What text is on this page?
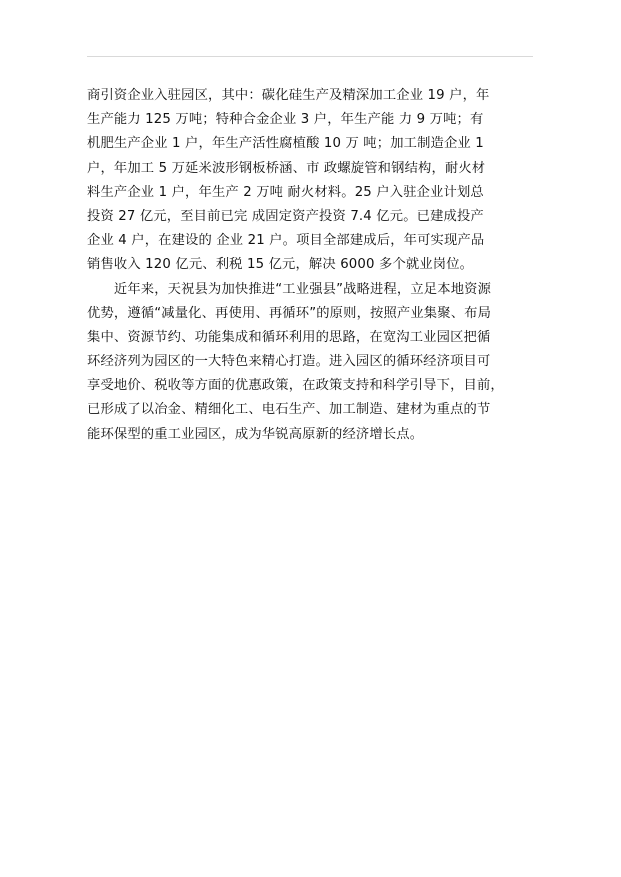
商引资企业入驻园区，其中：碳化硅生产及精深加工企业 19 户，年
生产能力 125 万吨；特种合金企业 3 户，年生产能 力 9 万吨；有
机肥生产企业 1 户，年生产活性腐植酸 10 万 吨；加工制造企业 1
户，年加工 5 万延米波形钢板桥涵、市 政螺旋管和钢结构，耐火材
料生产企业 1 户，年生产 2 万吨 耐火材料。25 户入驻企业计划总
投资 27 亿元，至目前已完 成固定资产投资 7.4 亿元。已建成投产
企业 4 户，在建设的 企业 21 户。项目全部建成后，年可实现产品
销售收入 120 亿元、利税 15 亿元，解决 6000 多个就业岗位。
　　近年来，天祝县为加快推进“工业强县”战略进程，立足本地资源
优势，遵循“减量化、再使用、再循环”的原则，按照产业集聚、布局
集中、资源节约、功能集成和循环利用的思路，在宽沟工业园区把循
环经济列为园区的一大特色来精心打造。进入园区的循环经济项目可
享受地价、税收等方面的优惠政策，在政策支持和科学引导下，目前，
已形成了以冶金、精细化工、电石生产、加工制造、建材为重点的节
能环保型的重工业园区，成为华锐高原新的经济增长点。
